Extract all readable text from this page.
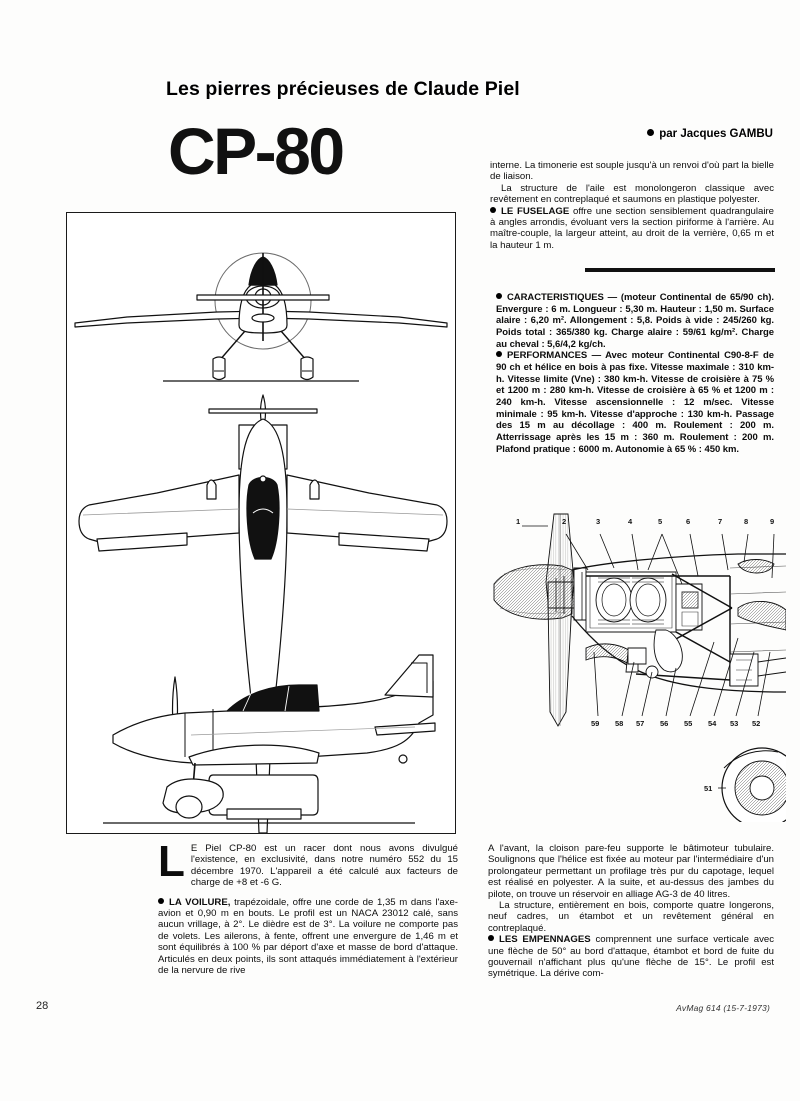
Les pierres précieuses de Claude Piel
CP-80	par Jacques GAMBU

interne. La timonerie est souple jusqu'à un renvoi d'où part la bielle de liaison.

La structure de l'aile est monolongeron classique avec revêtement en contreplaqué et saumons en plastique polyester.

LE FUSELAGE offre une section sensiblement quadrangulaire à angles arrondis, évoluant vers la section piriforme à l'arrière. Au maître-couple, la largeur atteint, au droit de la verrière, 0,65 m et la hauteur 1 m.

CARACTERISTIQUES — (moteur Continental de 65/90 ch). Envergure : 6 m. Longueur : 5,30 m. Hauteur : 1,50 m. Surface alaire : 6,20 m². Allongement : 5,8. Poids à vide : 245/260 kg. Poids total : 365/380 kg. Charge alaire : 59/61 kg/m². Charge au cheval : 5,6/4,2 kg/ch.

PERFORMANCES — Avec moteur Continental C90-8-F de 90 ch et hélice en bois à pas fixe. Vitesse maximale : 310 km-h. Vitesse limite (Vne) : 380 km-h. Vitesse de croisière à 75 % et 1200 m : 280 km-h. Vitesse de croisière à 65 % et 1200 m : 240 km-h. Vitesse ascensionnelle : 12 m/sec. Vitesse minimale : 95 km-h. Vitesse d'approche : 130 km-h. Passage des 15 m au décollage : 400 m. Roulement : 200 m. Atterrissage après les 15 m : 360 m. Roulement : 200 m. Plafond pratique : 6000 m. Autonomie à 65 % : 450 km.

1	2	3	4	5	6	7	8	9
59 58 57 56 55 54 53 52
51

L E Piel CP-80 est un racer dont nous avons divulgué l'existence, en exclusivité, dans notre numéro 552 du 15 décembre 1970. L'appareil a été calculé aux facteurs de charge de +8 et -6 G.

LA VOILURE, trapézoidale, offre une corde de 1,35 m dans l'axe-avion et 0,90 m en bouts. Le profil est un NACA 23012 calé, sans aucun vrillage, à 2°. Le dièdre est de 3°. La voilure ne comporte pas de volets. Les ailerons, à fente, offrent une envergure de 1,46 m et sont équilibrés à 100 % par déport d'axe et masse de bord d'attaque. Articulés en deux points, ils sont attaqués immédiatement à l'extérieur de la nervure de rive

A l'avant, la cloison pare-feu supporte le bâtimoteur tubulaire. Soulignons que l'hélice est fixée au moteur par l'intermédiaire d'un prolongateur permettant un profilage très pur du capotage, lequel est réalisé en polyester. A la suite, et au-dessus des jambes du pilote, on trouve un réservoir en alliage AG-3 de 40 litres.

La structure, entièrement en bois, comporte quatre longerons, neuf cadres, un étambot et un revêtement général en contreplaqué.

LES EMPENNAGES comprennent une surface verticale avec une flèche de 50° au bord d'attaque, étambot et bord de fuite du gouvernail n'affichant plus qu'une flèche de 15°. Le profil est symétrique. La dérive com-

28	AvMag 614 (15-7-1973)
